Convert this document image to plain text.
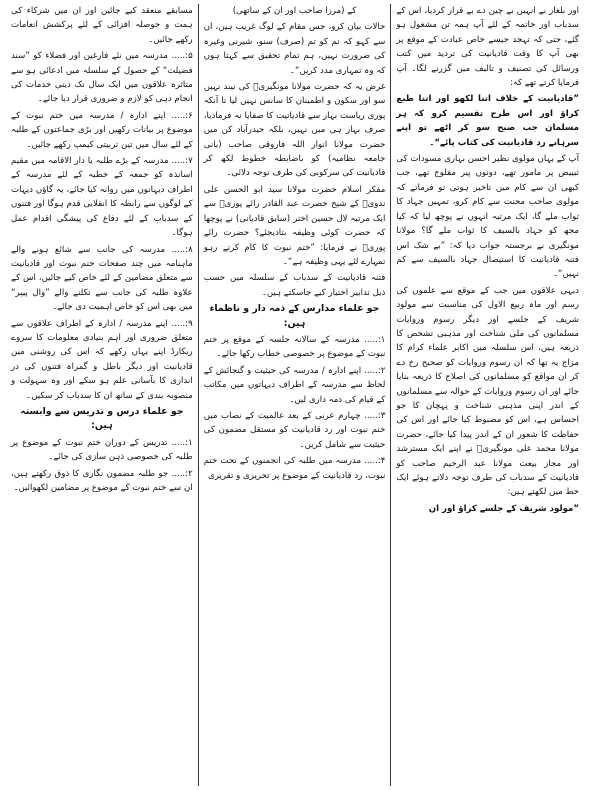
اور بلغار نے انہیں بے چین دے بے قرار کردیا، اس کے سدباب اور خاتمہ کے لئے آپ ہمہ تن مشغول ہو گئے، حتی کہ تہجد جیسے خاص عبادت کے موقع پر بھی آپ کا وقت قادیانیت کی تردید میں کتب ورسائل کی تصنیف و تالیف میں گزرنے لگا۔ آپ فرمایا کرتے تھے کہ:

”قادیانیت کے خلاف اتنا لکھو اور اتنا طبع کراؤ اور اس طرح تقسیم کرو کہ ہر مسلمان جب صبح سو کر اٹھے تو اپنے سرہانے رد قادیانیت کی کتاب پائے“۔

آپ کے یہاں مولوی نظیر احسن بہاری مسودات کی تبییض پر مامور تھے، دونوں پیر مفلوج تھے، جب کبھی ان سے کام میں تاخیر ہوتی تو فرماتے کہ مولوی صاحب محنت سے کام کرو، تمہیں جہاد کا ثواب ملے گا، ایک مرتبہ انہوں نے پوچھ لیا کہ کیا مجھ کو جہاد بالسیف کا ثواب ملے گا؟ مولانا مونگیری نے برجستہ جواب دیا کہ: ”بے شک اس فتنہ قادیانیت کا استیصال جہاد بالسیف سے کم نہیں“۔

دیہی علاقوں میں جب کے موقع سے علموں کی رسم اور ماہ ربیع الاول کی مناسبت سے مولود شریف کے جلسے اور دیگر رسوم وروایات مسلمانوں کی ملی شناخت اور مذہبی تشخص کا ذریعہ ہیں، اس سلسلہ میں اکابر علماء کرام کا مزاج یہ تھا کہ ان رسوم وروایات کو صحیح رخ دے کر ان مواقع کو مسلمانوں کی اصلاح کا ذریعہ بنایا جائے اور ان رسوم وروایات کے حوالہ سے مسلمانوں کے اندر اپنی مذہبی شناخت و پہچان کا جو احساس ہے، اس کو مضبوط کیا جائے اور اس کی حفاظت کا شعور ان کے اندر پیدا کیا جائے، حضرت مولانا محمد علی مونگیریؒ نے اپنے ایک مسترشد اور مجاز بیعت مولانا عبد الرحیم صاحب کو قادیانیت کے سدباب کی طرف توجہ دلاتے ہوئے ایک خط میں لکھتے ہیں:

”مولود شریف کے جلسے کراؤ اور ان

کے (مرزا صاحب اور ان کے ساتھی)

حالات بیان کرو، جس مقام کے لوگ غریب ہیں، ان سے کہو کہ تم کو تم (صرف) سنو، شیرنی وغیرہ کی ضرورت نہیں، ہم تمام تحقیق سے کہتا ہوں کہ وہ تمہاری مدد کریں“۔

غرض یہ کہ حضرت مولانا مونگیریؒ کی نیند نہیں سو اور سکون و اطمینان کا سانس نہیں لیا تا آنکہ پوری ریاست بہار سے قادیانیت کا صفایا نہ فرمادیا، صرف بہار ہی میں نہیں، بلکہ حیدرآباد کن میں حضرت مولانا انوار اللہ فاروقی صاحب (بانی جامعہ نظامیہ) کو باضابطہ خطوط لکھ کر قادیانیت کی سرکوبی کی طرف توجہ دلائی۔

مفکر اسلام حضرت مولانا سید ابو الحسن علی ندویؒ کے شیخ حضرت عبد القادر رائے پوریؒ سے ایک مرتبہ لال حسین اختر (سابق قادیانی) نے پوچھا کہ حضرت کوئی وظیفہ بتادیجئے؟ حضرت رائے پوریؒ نے فرمایا: ”ختم نبوت کا کام کرتے رہو تمہارے لئے یہی وظیفہ ہے“۔

فتنہ قادیانیت کے سدباب کے سلسلہ میں حسب ذیل تدابیر اختیار کیے جاسکتے ہیں۔

جو علماء مدارس کے ذمہ دار و ناظماء ہیں:

۱:..... مدرسہ کے سالانہ جلسہ کے موقع پر ختم نبوت کے موضوع پر خصوصی خطاب رکھا جائے۔

۲:..... اپنے ادارہ / مدرسہ کی حیثیت و گنجائش کے لحاظ سے مدرسہ کے اطراف دیہاتوں میں مکاتب کے قیام کی ذمہ داری لیں۔

۳:..... چہارم عربی کے بعد عالمیت کے نصاب میں ختم نبوت اور رد قادیانیت کو مستقل مضمون کی حیثیت سے شامل کریں۔

۴:..... مدرسہ میں طلبہ کی انجمنوں کے تحت ختم نبوت، رد قادیانیت کے موضوع پر تحریری و تقریری

مسابقے منعقد کیے جائیں اور ان میں شرکاء کی ہمت و حوصلہ افزائی کے لئے پرکشش انعامات رکھے جائیں۔

۵:..... مدرسہ میں نئے فارغین اور فضلاء کو ”سند فضیلت“ کے حصول کے سلسلہ میں ادعائی ہو سے متاثرہ علاقوں میں ایک سال تک دینی خدمات کی انجام دہی کو لازم و ضروری قرار دیا جائے۔

۶:..... اپنے ادارہ / مدرسہ میں ختم نبوت کے موضوع پر بیانات رکھیں اور بڑی جماعتوں کے طلبہ کے لئے سال میں تین تربیتی کیمپ رکھے جائیں۔

۷:..... مدرسہ کے بڑے طلبہ یا دار الاقامہ میں مقیم اساتذہ کو جمعہ کے خطبہ کے لئے مدرسہ کے اطراف دیہاتوں میں روانہ کیا جائے، یہ گاؤں دیہات کے لوگوں سے رابطہ کا انقلابی قدم ہوگا اور فتنوں کے سدباب کے لئے دفاع کی پیشگی اقدام عمل ہوگا۔

۸:..... مدرسہ کی جانب سے شائع ہونے والے ماہنامہ میں چند صفحات ختم نبوت اور قادیانیت سے متعلق مضامین کے لئے خاص کیے جائیں، اس کے علاوہ طلبہ کی جانب سے نکلنے والے ”وال پیپر“ میں بھی اس کو خاص اہمیت دی جائے۔

۹:..... اپنے مدرسہ / ادارہ کے اطراف علاقوں سے متعلق ضروری اور اہم بنیادی معلومات کا سروے ریکارڈ اپنے یہاں رکھے کہ اس کی روشنی میں قادیانیت اور دیگر باطل و گمراہ فتنوں کی در اندازی کا بآسانی علم ہو سکے اور وہ سہولت و منصوبہ بندی کے ساتھ ان کا سدباب کر سکیں۔

جو علماء درس و تدریس سے وابستہ ہیں:

۱:..... تدریس کے دوران ختم نبوت کے موضوع پر طلبہ کی خصوصی ذہن سازی کی جائے۔

۲:..... جو طلبہ مضمون نگاری کا ذوق رکھتے ہیں، ان سے ختم نبوت کے موضوع پر مضامین لکھوائیں۔
